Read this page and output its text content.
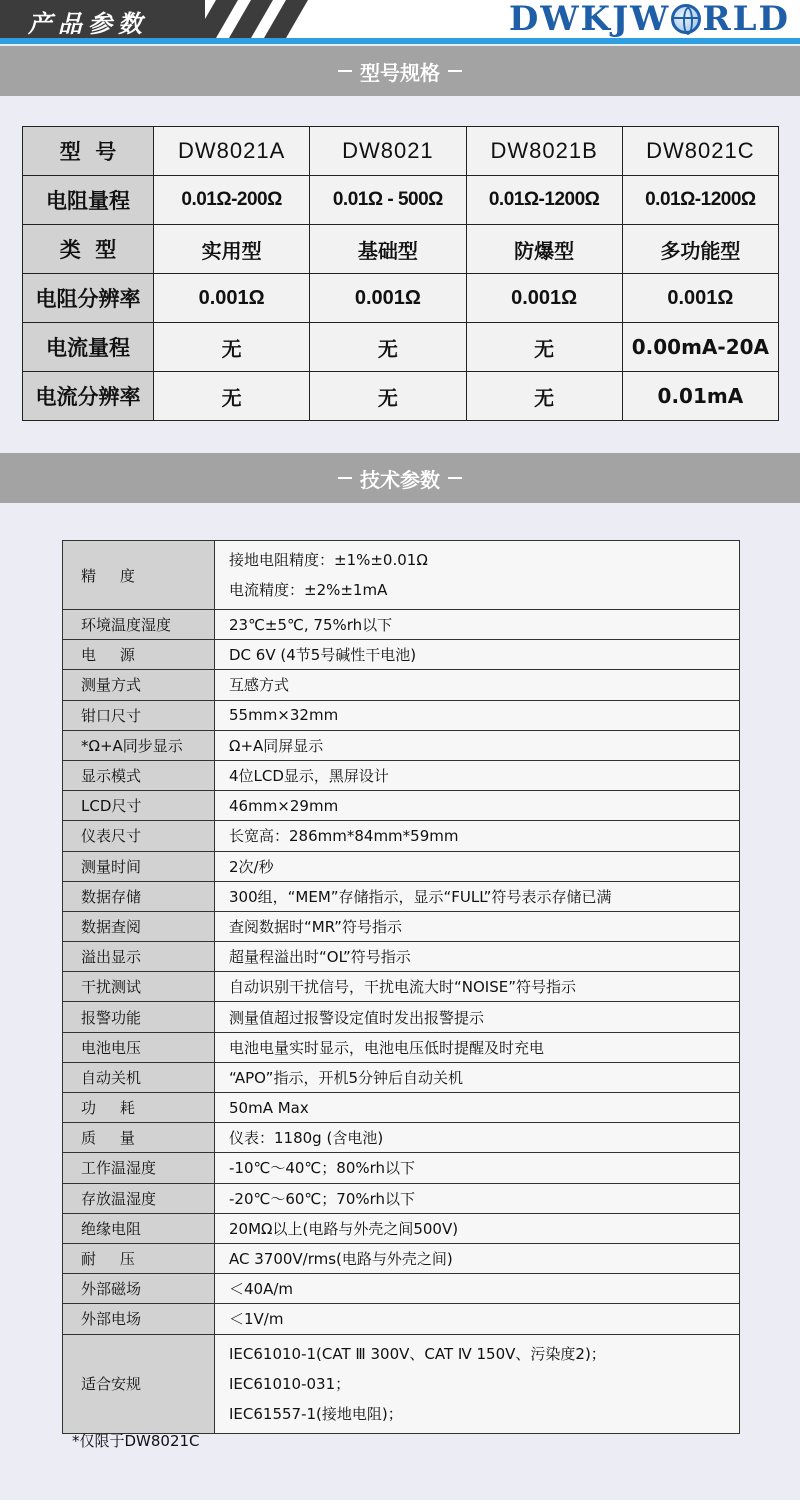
产品参数	DWKJW RLD
型号规格
型  号	DW8021A	DW8021	DW8021B	DW8021C
电阻量程	0.01Ω-200Ω	0.01Ω - 500Ω	0.01Ω-1200Ω	0.01Ω-1200Ω
类  型	实用型	基础型	防爆型	多功能型
电阻分辨率	0.001Ω	0.001Ω	0.001Ω	0.001Ω
电流量程	无	无	无	0.00mA-20A
电流分辨率	无	无	无	0.01mA
技术参数
精     度	接地电阻精度：±1%±0.01Ω
电流精度：±2%±1mA

环境温度湿度	23℃±5℃, 75%rh以下
电     源	DC 6V (4节5号碱性干电池)
测量方式	互感方式
钳口尺寸	55mm×32mm
*Ω+A同步显示	Ω+A同屏显示
显示模式	4位LCD显示，黑屏设计
LCD尺寸	46mm×29mm
仪表尺寸	长宽高：286mm*84mm*59mm
测量时间	2次/秒
数据存储	300组，“MEM”存储指示，显示“FULL”符号表示存储已满
数据查阅	查阅数据时“MR”符号指示
溢出显示	超量程溢出时“OL”符号指示
干扰测试	自动识别干扰信号，干扰电流大时“NOISE”符号指示
报警功能	测量值超过报警设定值时发出报警提示
电池电压	电池电量实时显示，电池电压低时提醒及时充电
自动关机	“APO”指示，开机5分钟后自动关机
功     耗	50mA Max
质     量	仪表：1180g (含电池)
工作温湿度	-10℃～40℃；80%rh以下
存放温湿度	-20℃～60℃；70%rh以下
绝缘电阻	20MΩ以上(电路与外壳之间500V)
耐     压	AC 3700V/rms(电路与外壳之间)
外部磁场	＜40A/m
外部电场	＜1V/m
适合安规	IEC61010-1(CAT Ⅲ 300V、CAT Ⅳ 150V、污染度2)；
IEC61010-031；
IEC61557-1(接地电阻)；
*仅限于DW8021C
